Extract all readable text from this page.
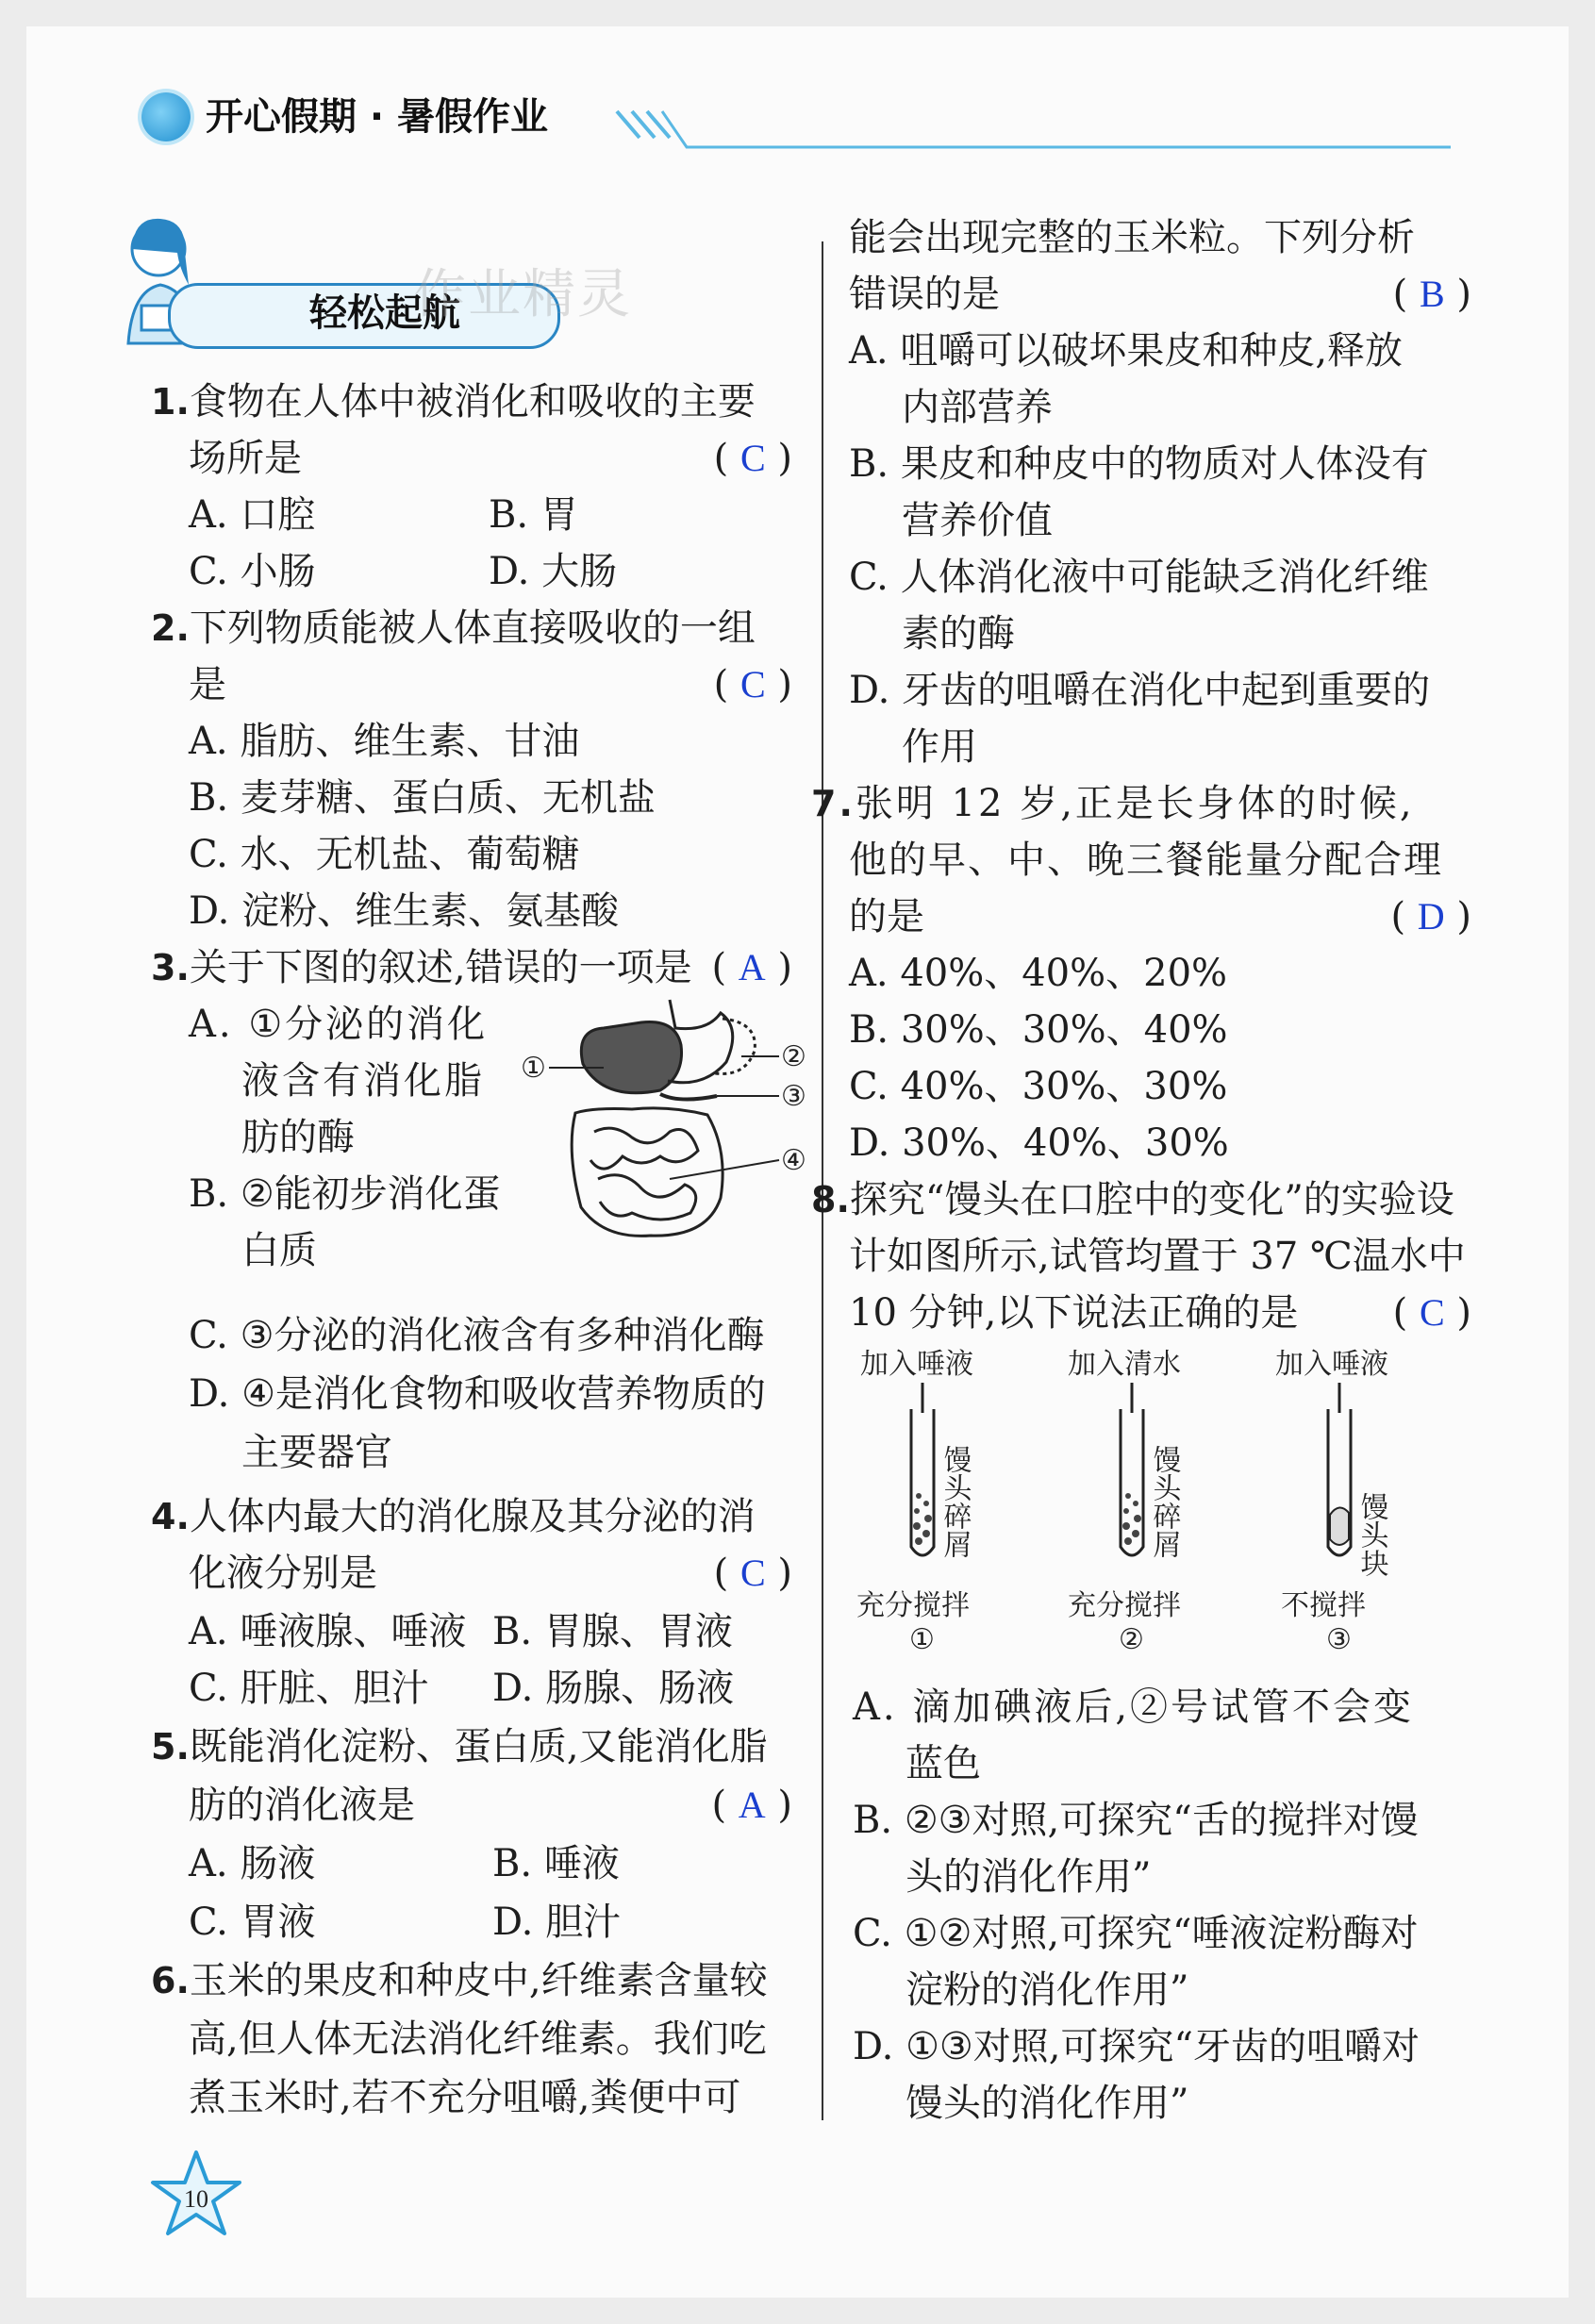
开心假期 · 暑假作业
轻松起航
作业精灵
1.食物在人体中被消化和吸收的主要
场所是	( C )
A. 口腔	B. 胃
C. 小肠	D. 大肠
2.下列物质能被人体直接吸收的一组
是	( C )
A. 脂肪、维生素、甘油
B. 麦芽糖、蛋白质、无机盐
C. 水、无机盐、葡萄糖
D. 淀粉、维生素、氨基酸
3.关于下图的叙述,错误的一项是 ( A )
A. ①分泌的消化
液含有消化脂
肪的酶
B. ②能初步消化蛋
白质
C. ③分泌的消化液含有多种消化酶
D. ④是消化食物和吸收营养物质的
主要器官
①	②
③
④
4.人体内最大的消化腺及其分泌的消
化液分别是	( C )
A. 唾液腺、唾液 B. 胃腺、胃液
C. 肝脏、胆汁 D. 肠腺、肠液
5.既能消化淀粉、蛋白质,又能消化脂
肪的消化液是	( A )
A. 肠液	B. 唾液
C. 胃液	D. 胆汁
6.玉米的果皮和种皮中,纤维素含量较
高,但人体无法消化纤维素。我们吃
煮玉米时,若不充分咀嚼,粪便中可
10
能会出现完整的玉米粒。下列分析
错误的是	( B )
A. 咀嚼可以破坏果皮和种皮,释放
内部营养
B. 果皮和种皮中的物质对人体没有
营养价值
C. 人体消化液中可能缺乏消化纤维
素的酶
D. 牙齿的咀嚼在消化中起到重要的
作用
7.张明 12 岁,正是长身体的时候,
他的早、中、晚三餐能量分配合理
的是	( D )
A. 40%、40%、20%
B. 30%、30%、40%
C. 40%、30%、30%
D. 30%、40%、30%
8.探究“馒头在口腔中的变化”的实验设
计如图所示,试管均置于 37 ℃温水中
10 分钟,以下说法正确的是	( C )
加入唾液
馒头碎屑
充分搅拌
①
加入清水
馒头碎屑
充分搅拌
②
加入唾液
馒头块
不搅拌
③
A. 滴加碘液后,②号试管不会变
蓝色
B. ②③对照,可探究“舌的搅拌对馒
头的消化作用”
C. ①②对照,可探究“唾液淀粉酶对
淀粉的消化作用”
D. ①③对照,可探究“牙齿的咀嚼对
馒头的消化作用”
